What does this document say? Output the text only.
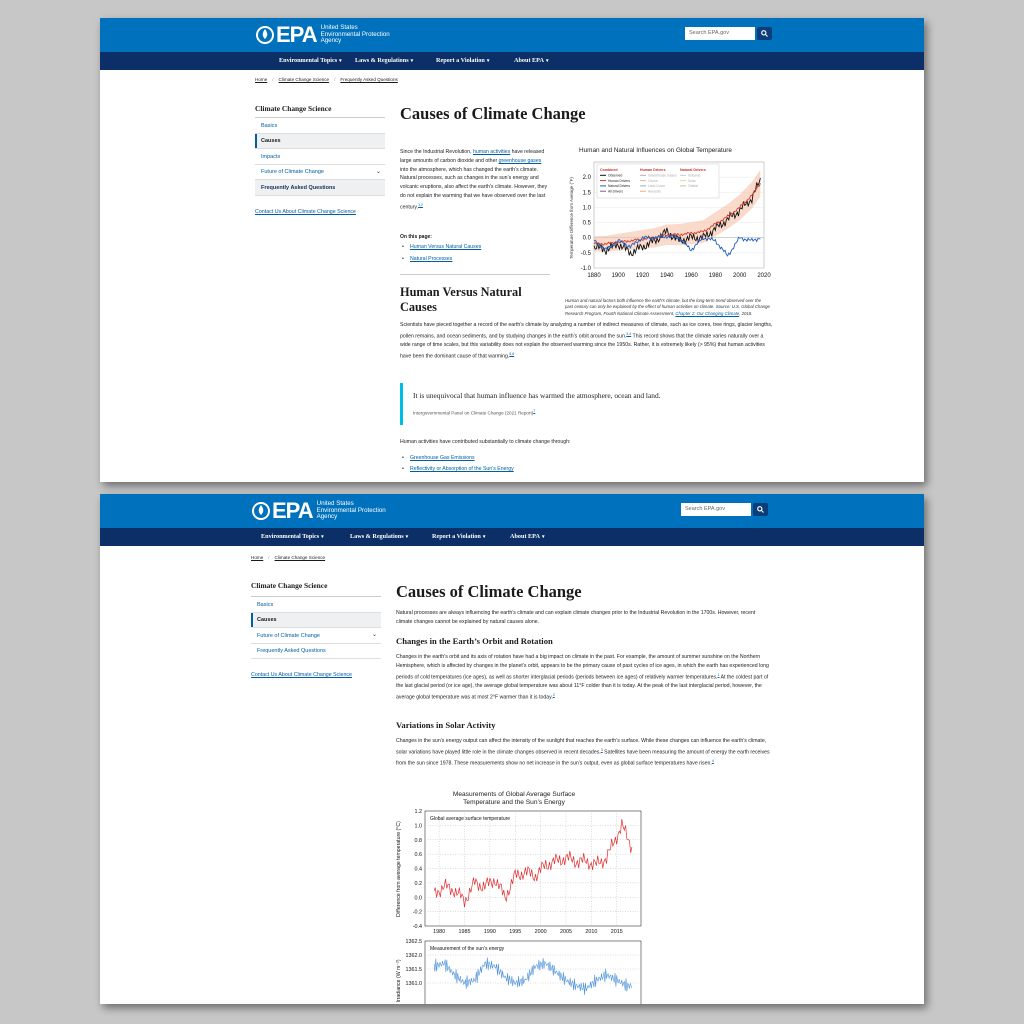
EPA United States Environmental Protection Agency
Search EPA.gov
Environmental Topics ▾ Laws & Regulations ▾	Report a Violation ▾	About EPA ▾
Home / Climate Change Science / Frequently Asked Questions
Climate Change Science
Basics
Causes
Impacts
Future of Climate Change	⌄
Frequently Asked Questions
Contact Us About Climate Change Science
Causes of Climate Change
Since the Industrial Revolution, human activities have released large amounts of carbon dioxide and other greenhouse gases into the atmosphere, which has changed the earth’s climate. Natural processes, such as changes in the sun’s energy and volcanic eruptions, also affect the earth’s climate. However, they do not explain the warming that we have observed over the last century.$^{1,2}$
On this page:
• Human Versus Natural Causes
• Natural Processes
Human Versus Natural Causes
Human and Natural Influences on Global Temperature
Combined
Observed
Human Drivers
Natural Drivers
All Drivers
Human Drivers
Greenhouse Gases
Ozone
Land Cover
Aerosols
Natural Drivers
Volcanic
Solar
Orbital
1880 1900 1920 1940 1960 1980 2000 2020
-1.0
-0.5
0.0
0.5
1.0
1.5
2.0
Temperature Difference from Average (°F)
Human and natural factors both influence the earth’s climate, but the long-term trend observed over the past century can only be explained by the effect of human activities on climate. Source: U.S. Global Change Research Program, Fourth National Climate Assessment, Chapter 2: Our Changing Climate, 2018.
Scientists have pieced together a record of the earth’s climate by analyzing a number of indirect measures of climate, such as ice cores, tree rings, glacier lengths, pollen remains, and ocean sediments, and by studying changes in the earth’s orbit around the sun.$^{3,4}$ This record shows that the climate varies naturally over a wide range of time scales, but this variability does not explain the observed warming since the 1950s. Rather, it is extremely likely (> 95%) that human activities have been the dominant cause of that warming.$^{5,6}$
It is unequivocal that human influence has warmed the atmosphere, ocean and land.
Intergovernmental Panel on Climate Change (2021 Report)$^7$
Human activities have contributed substantially to climate change through:
• Greenhouse Gas Emissions
• Reflectivity or Absorption of the Sun’s Energy
EPA United States Environmental Protection Agency
Search EPA.gov
Environmental Topics ▾	Laws & Regulations ▾	Report a Violation ▾	About EPA ▾
Home / Climate Change Science
Climate Change Science
Basics
Causes
Future of Climate Change	⌄
Frequently Asked Questions
Contact Us About Climate Change Science
Causes of Climate Change
Natural processes are always influencing the earth’s climate and can explain climate changes prior to the Industrial Revolution in the 1700s. However, recent climate changes cannot be explained by natural causes alone.
Changes in the Earth’s Orbit and Rotation
Changes in the earth’s orbit and its axis of rotation have had a big impact on climate in the past. For example, the amount of summer sunshine on the Northern Hemisphere, which is affected by changes in the planet’s orbit, appears to be the primary cause of past cycles of ice ages, in which the earth has experienced long periods of cold temperatures (ice ages), as well as shorter interglacial periods (periods between ice ages) of relatively warmer temperatures.$^1$ At the coldest part of the last glacial period (or ice age), the average global temperature was about 11°F colder than it is today. At the peak of the last interglacial period, however, the average global temperature was at most 2°F warmer than it is today.$^2$
Variations in Solar Activity
Changes in the sun’s energy output can affect the intensity of the sunlight that reaches the earth’s surface. While these changes can influence the earth’s climate, solar variations have played little role in the climate changes observed in recent decades.$^3$ Satellites have been measuring the amount of energy the earth receives from the sun since 1978. These measurements show no net increase in the sun’s output, even as global surface temperatures have risen.$^4$
Measurements of Global Average Surface
Temperature and the Sun’s Energy
1980 1985 1990 1995 2000 2005 2010 2015
-0.4
-0.2
0.0
0.2
0.4
0.6
0.8
1.0
1.2
Global average surface temperature
Difference from average temperature (°C)
1361.0
1361.5
1362.0
1362.5
Measurement of the sun’s energy
Irradiance (W m⁻²)
